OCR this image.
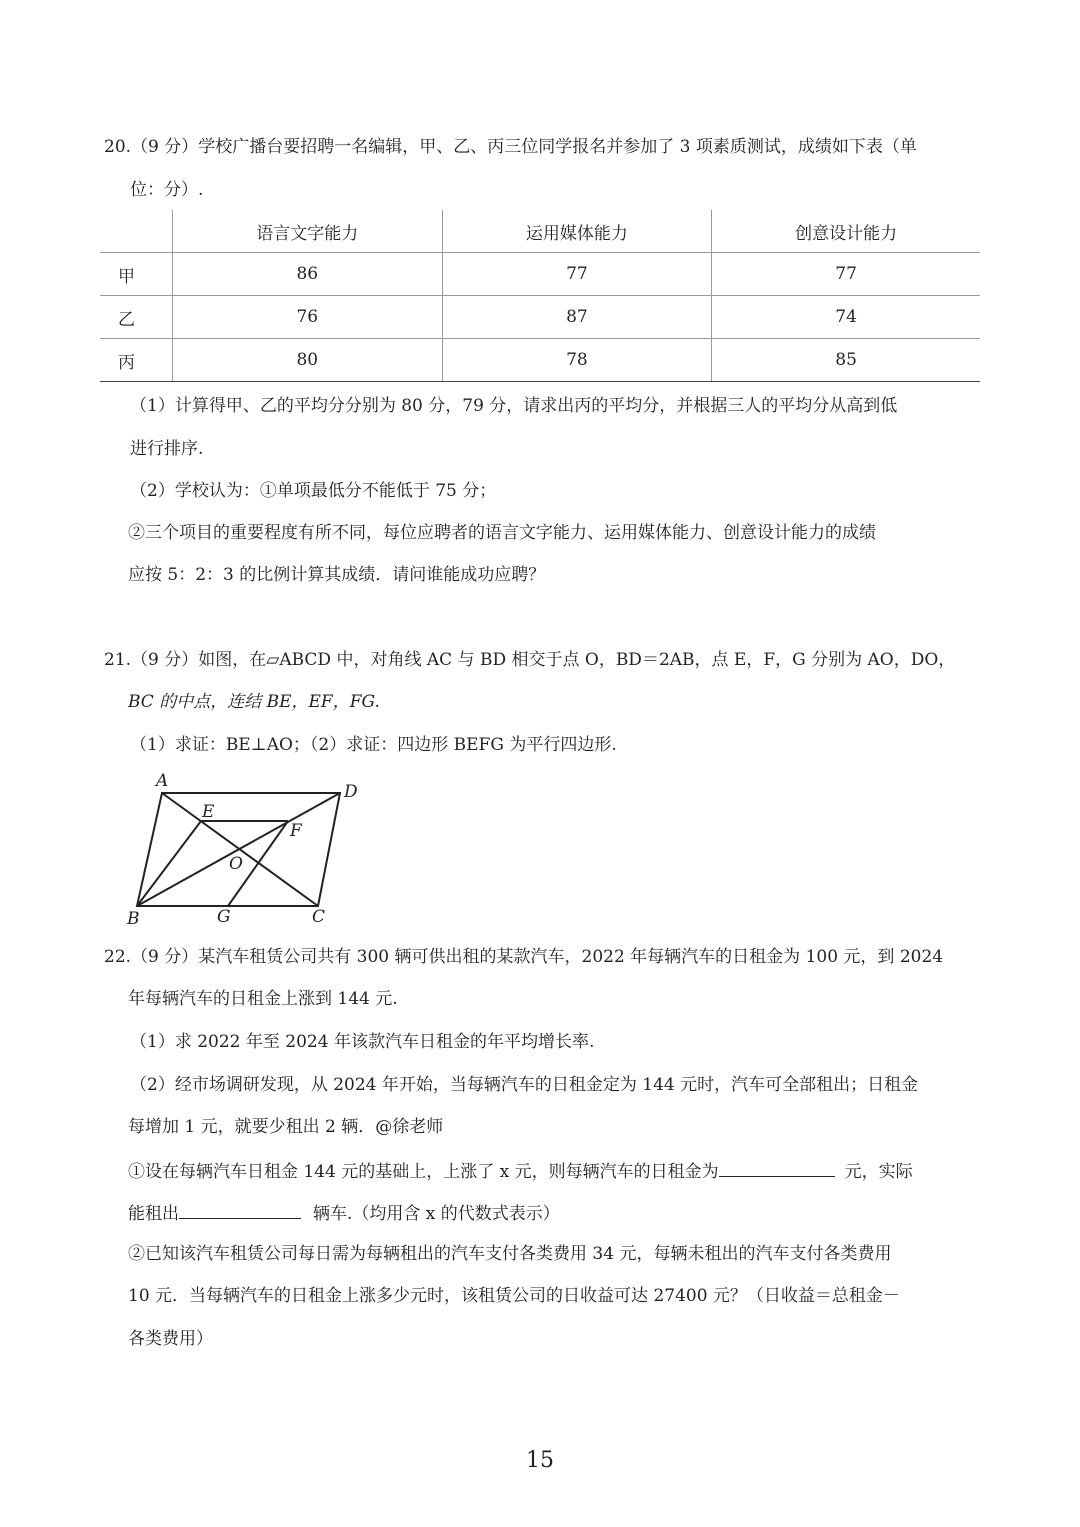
20.（9 分）学校广播台要招聘一名编辑，甲、乙、丙三位同学报名并参加了 3 项素质测试，成绩如下表（单
位：分）.
	语言文字能力	运用媒体能力	创意设计能力
甲	86	77	77
乙	76	87	74
丙	80	78	85
（1）计算得甲、乙的平均分分别为 80 分，79 分，请求出丙的平均分，并根据三人的平均分从高到低
进行排序.
（2）学校认为：①单项最低分不能低于 75 分；
②三个项目的重要程度有所不同，每位应聘者的语言文字能力、运用媒体能力、创意设计能力的成绩
应按 5：2：3 的比例计算其成绩．请问谁能成功应聘？
21.（9 分）如图，在▱ABCD 中，对角线 AC 与 BD 相交于点 O，BD＝2AB，点 E，F，G 分别为 AO，DO，
BC 的中点，连结 BE，EF，FG.
（1）求证：BE⊥AO；（2）求证：四边形 BEFG 为平行四边形.
A
D
E
F
O
B	G	C
22.（9 分）某汽车租赁公司共有 300 辆可供出租的某款汽车，2022 年每辆汽车的日租金为 100 元，到 2024
年每辆汽车的日租金上涨到 144 元.
（1）求 2022 年至 2024 年该款汽车日租金的年平均增长率.
（2）经市场调研发现，从 2024 年开始，当每辆汽车的日租金定为 144 元时，汽车可全部租出；日租金
每增加 1 元，就要少租出 2 辆．@徐老师
①设在每辆汽车日租金 144 元的基础上，上涨了 x 元，则每辆汽车的日租金为	元，实际
能租出	辆车.（均用含 x 的代数式表示）
②已知该汽车租赁公司每日需为每辆租出的汽车支付各类费用 34 元，每辆未租出的汽车支付各类费用
10 元．当每辆汽车的日租金上涨多少元时，该租赁公司的日收益可达 27400 元？（日收益＝总租金－
各类费用）
15
